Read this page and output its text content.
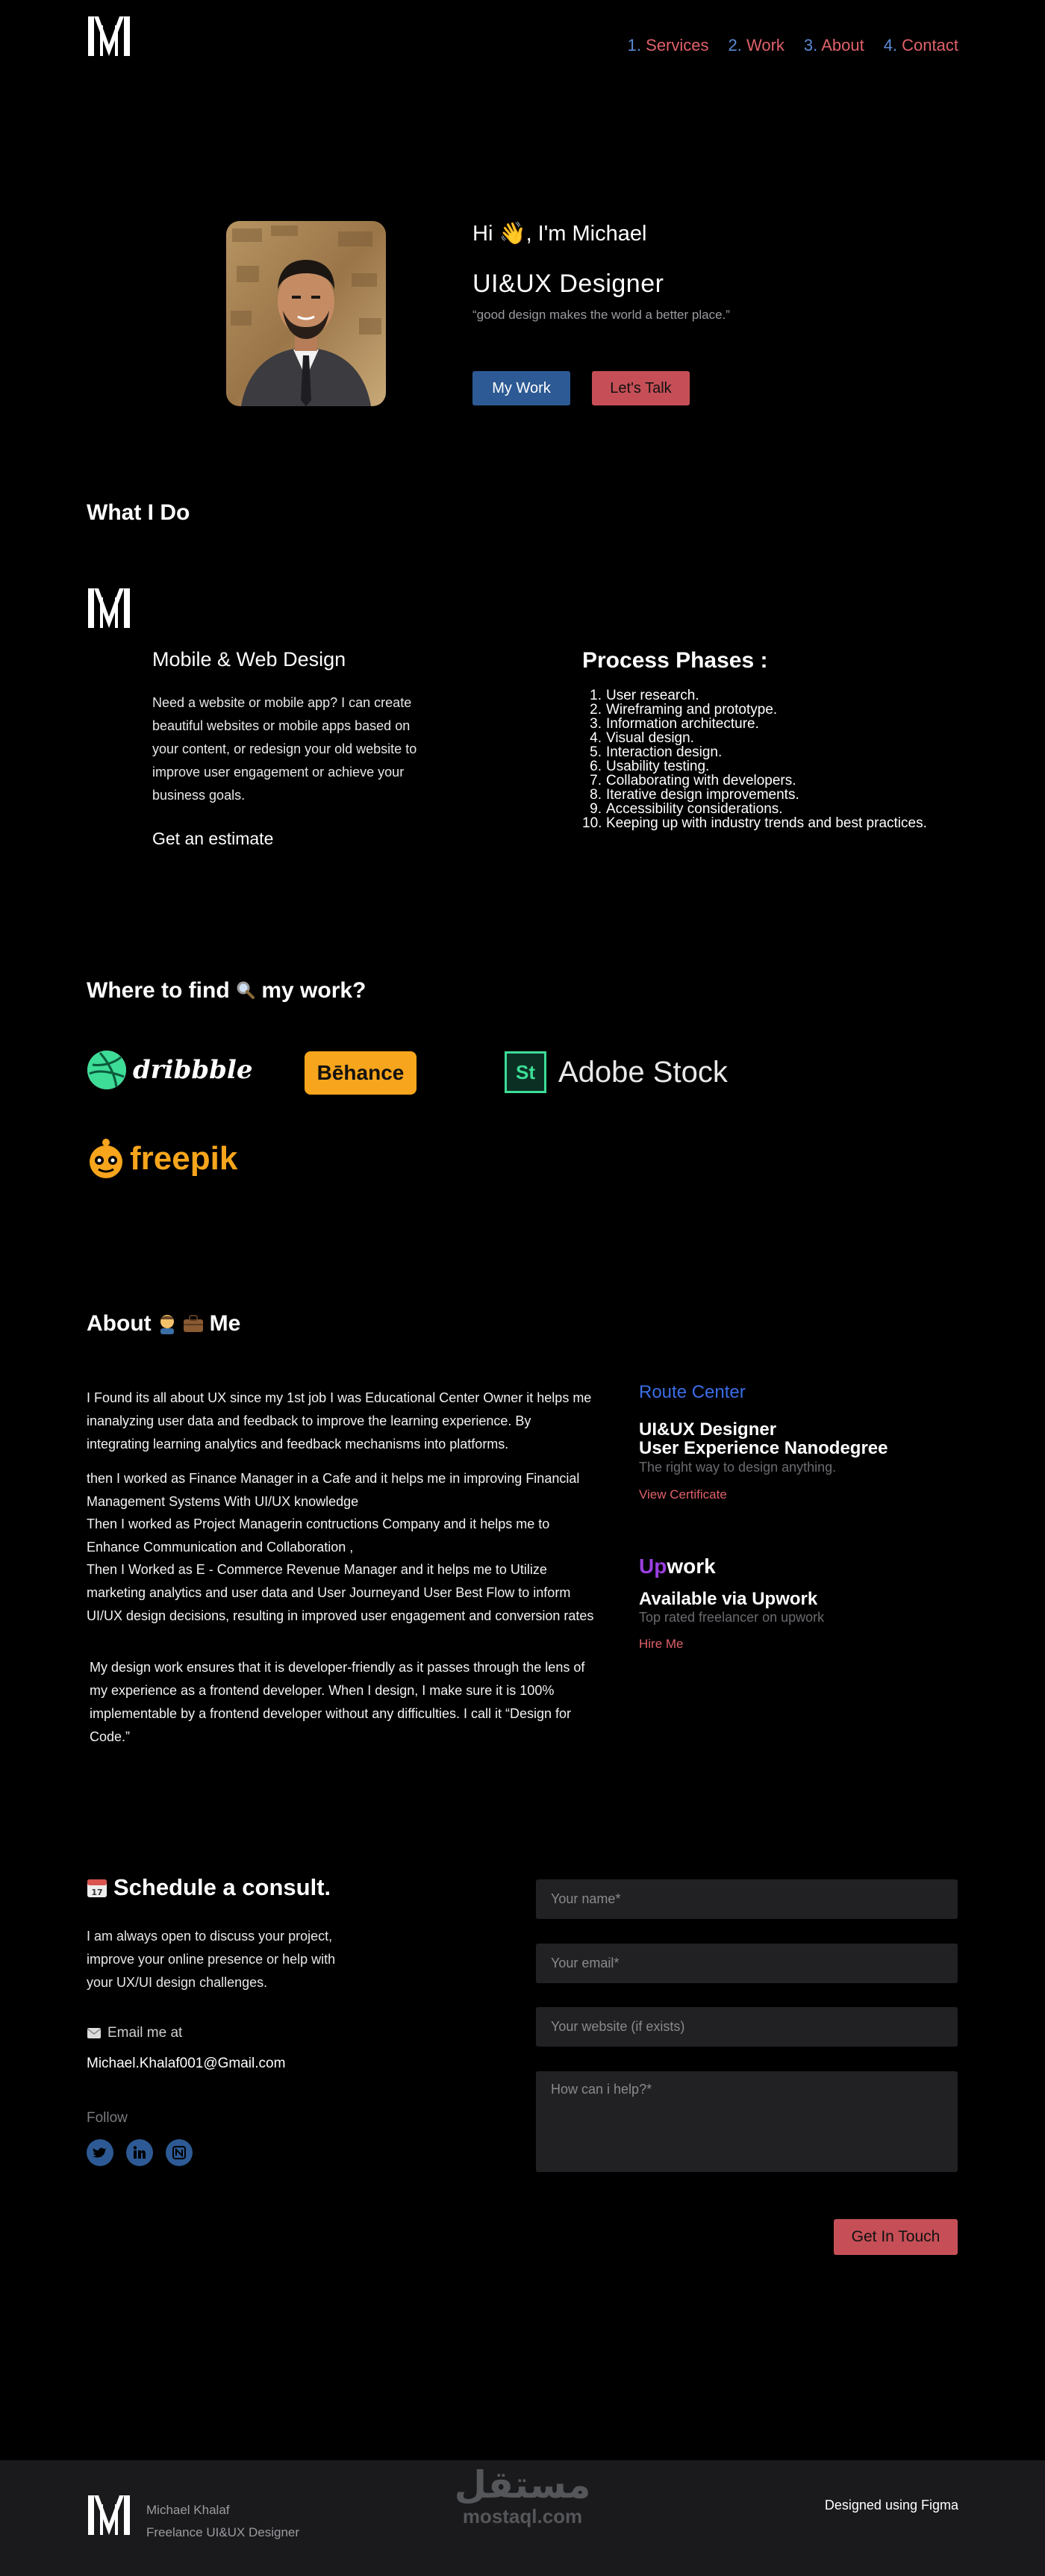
1. Services 2. Work 3. About 4. Contact
Hi 👋, I'm Michael
UI&UX Designer
“good design makes the world a better place.”
My Work	Let's Talk
What I Do
Mobile & Web Design
Need a website or mobile app? I can create beautiful websites or mobile apps based on your content, or redesign your old website to improve user engagement or achieve your business goals.
Get an estimate
Process Phases :
1. User research.
2. Wireframing and prototype.
3. Information architecture.
4. Visual design.
5. Interaction design.
6. Usability testing.
7. Collaborating with developers.
8. Iterative design improvements.
9. Accessibility considerations.
10. Keeping up with industry trends and best practices.
Where to find my work?
dribbble	Bēhance	St Adobe Stock
freepik
About	Me
I Found its all about UX since my 1st job I was Educational Center Owner it helps me inanalyzing user data and feedback to improve the learning experience. By integrating learning analytics and feedback mechanisms into platforms.
then I worked as Finance Manager in a Cafe and it helps me in improving Financial Management Systems With UI/UX knowledge
Then I worked as Project Managerin contructions Company and it helps me to Enhance Communication and Collaboration ,
Then I Worked as E - Commerce Revenue Manager and it helps me to Utilize marketing analytics and user data and User Journeyand User Best Flow to inform UI/UX design decisions, resulting in improved user engagement and conversion rates
My design work ensures that it is developer-friendly as it passes through the lens of my experience as a frontend developer. When I design, I make sure it is 100% implementable by a frontend developer without any difficulties. I call it “Design for Code.”
Route Center
UI&UX Designer
User Experience Nanodegree
The right way to design anything.
View Certificate
Upwork
Available via Upwork
Top rated freelancer on upwork
Hire Me
17 Schedule a consult.
I am always open to discuss your project, improve your online presence or help with your UX/UI design challenges.
Email me at
Michael.Khalaf001@Gmail.com
Follow
Your name*
Your email*
Your website (if exists)
How can i help?*
Get In Touch
Michael Khalaf
Freelance UI&UX Designer
مستقل
mostaql.com	Designed using Figma
